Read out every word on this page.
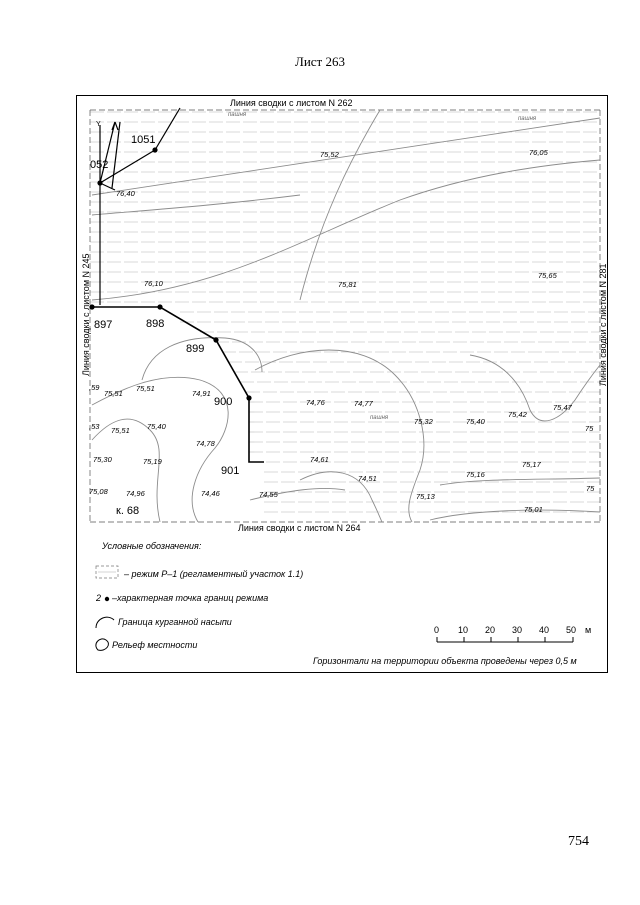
Лист 263
Y
1051
052
897	898
899
900
901
к. 68
Линия сводки с листом N 262
Линия сводки с листом N 264
Линия сводки с листом N 245	Линия сводки с листом N 281
пашня
пашня
пашня
75,52	76,05
76,40
76,10	75,81
75,65
75,51
75,51
74,91
74,76	74,77	75,47
75,42
75,32	75,40
75,40
75,51
75,30	75,19
74,78
74,61
74,51	75,16
75,17
75,08 74,96	74,46	74,55	75,13
75,01
75
75
,59
,53
0 10 20 30 40 50 м
Условные обозначения:
– режим Р–1 (регламентный участок 1.1)
2 –характерная точка границ режима
Граница курганной насыпи
Рельеф местности
Горизонтали на территории объекта проведены через 0,5 м
754
